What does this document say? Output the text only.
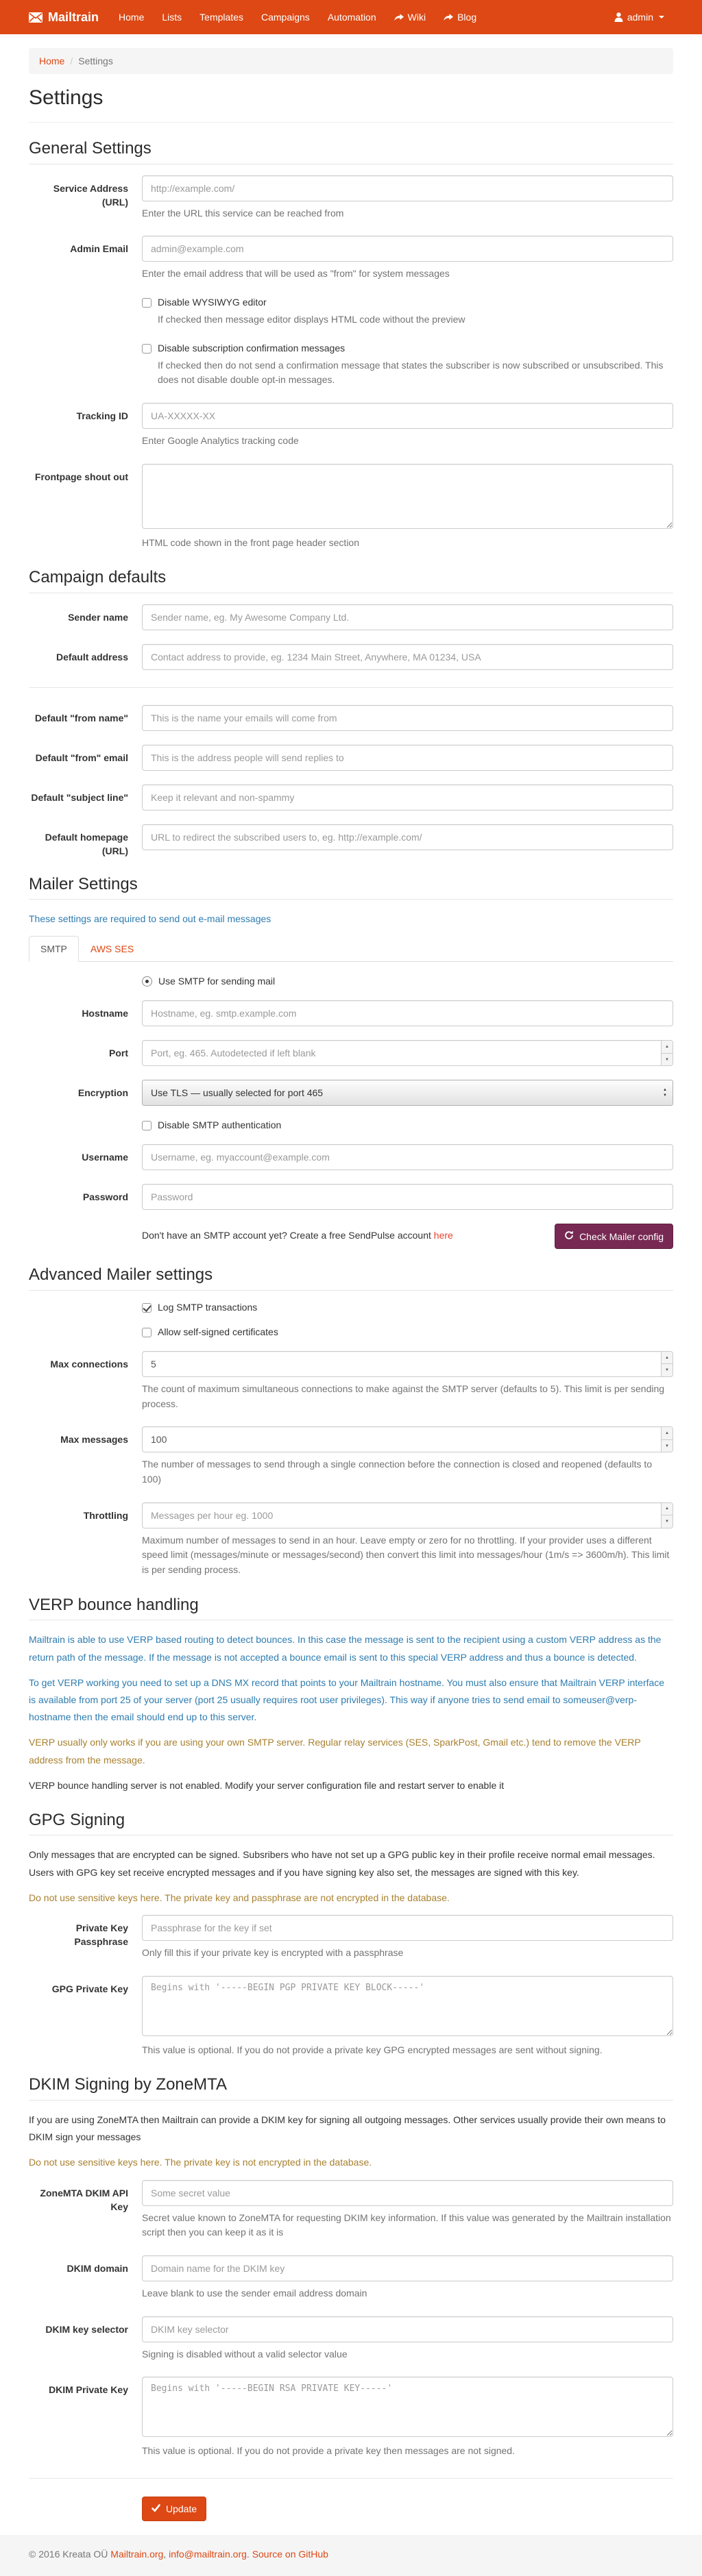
Mailtrain Home Lists Templates Campaigns Automation	Wiki	Blog	admin
Home / Settings
Settings
General Settings
Service Address (URL)
http://example.com/
Enter the URL this service can be reached from
Admin Email
admin@example.com
Enter the email address that will be used as "from" for system messages
Disable WYSIWYG editor
If checked then message editor displays HTML code without the preview
Disable subscription confirmation messages
If checked then do not send a confirmation message that states the subscriber is now subscribed or unsubscribed. This does not disable double opt-in messages.
Tracking ID
UA-XXXXX-XX
Enter Google Analytics tracking code
Frontpage shout out
HTML code shown in the front page header section
Campaign defaults
Sender name
Sender name, eg. My Awesome Company Ltd.
Default address
Contact address to provide, eg. 1234 Main Street, Anywhere, MA 01234, USA
Default "from name"
This is the name your emails will come from
Default "from" email
This is the address people will send replies to
Default "subject line"
Keep it relevant and non-spammy
Default homepage (URL)
URL to redirect the subscribed users to, eg. http://example.com/
Mailer Settings

These settings are required to send out e-mail messages

SMTP	AWS SES
Use SMTP for sending mail
Hostname
Hostname, eg. smtp.example.com
Port
Port, eg. 465. Autodetected if left blank
▲
▼
Encryption Use TLS — usually selected for port 465	▲
▼
Disable SMTP authentication
Username
Username, eg. myaccount@example.com
Password
Password

Don't have an SMTP account yet? Create a free SendPulse account here	Check Mailer config
Advanced Mailer settings
Log SMTP transactions
Allow self-signed certificates
Max connections
5
▲
▼
The count of maximum simultaneous connections to make against the SMTP server (defaults to 5). This limit is per sending process.
Max messages
100
▲
▼
The number of messages to send through a single connection before the connection is closed and reopened (defaults to 100)
Throttling
Messages per hour eg. 1000
▲
▼
Maximum number of messages to send in an hour. Leave empty or zero for no throttling. If your provider uses a different speed limit (messages/minute or messages/second) then convert this limit into messages/hour (1m/s => 3600m/h). This limit is per sending process.
VERP bounce handling

Mailtrain is able to use VERP based routing to detect bounces. In this case the message is sent to the recipient using a custom VERP address as the return path of the message. If the message is not accepted a bounce email is sent to this special VERP address and thus a bounce is detected.

To get VERP working you need to set up a DNS MX record that points to your Mailtrain hostname. You must also ensure that Mailtrain VERP interface is available from port 25 of your server (port 25 usually requires root user privileges). This way if anyone tries to send email to someuser@verp-hostname then the email should end up to this server.

VERP usually only works if you are using your own SMTP server. Regular relay services (SES, SparkPost, Gmail etc.) tend to remove the VERP address from the message.

VERP bounce handling server is not enabled. Modify your server configuration file and restart server to enable it

GPG Signing

Only messages that are encrypted can be signed. Subsribers who have not set up a GPG public key in their profile receive normal email messages. Users with GPG key set receive encrypted messages and if you have signing key also set, the messages are signed with this key.

Do not use sensitive keys here. The private key and passphrase are not encrypted in the database.

Private Key Passphrase
Passphrase for the key if set
Only fill this if your private key is encrypted with a passphrase
GPG Private Key
Begins with '-----BEGIN PGP PRIVATE KEY BLOCK-----'
This value is optional. If you do not provide a private key GPG encrypted messages are sent without signing.
DKIM Signing by ZoneMTA

If you are using ZoneMTA then Mailtrain can provide a DKIM key for signing all outgoing messages. Other services usually provide their own means to DKIM sign your messages

Do not use sensitive keys here. The private key is not encrypted in the database.

ZoneMTA DKIM API Key
Some secret value
Secret value known to ZoneMTA for requesting DKIM key information. If this value was generated by the Mailtrain installation script then you can keep it as it is
DKIM domain
Domain name for the DKIM key
Leave blank to use the sender email address domain
DKIM key selector
DKIM key selector
Signing is disabled without a valid selector value
DKIM Private Key
Begins with '-----BEGIN RSA PRIVATE KEY-----'
This value is optional. If you do not provide a private key then messages are not signed.
Update
© 2016 Kreata OÜ Mailtrain.org, info@mailtrain.org. Source on GitHub
